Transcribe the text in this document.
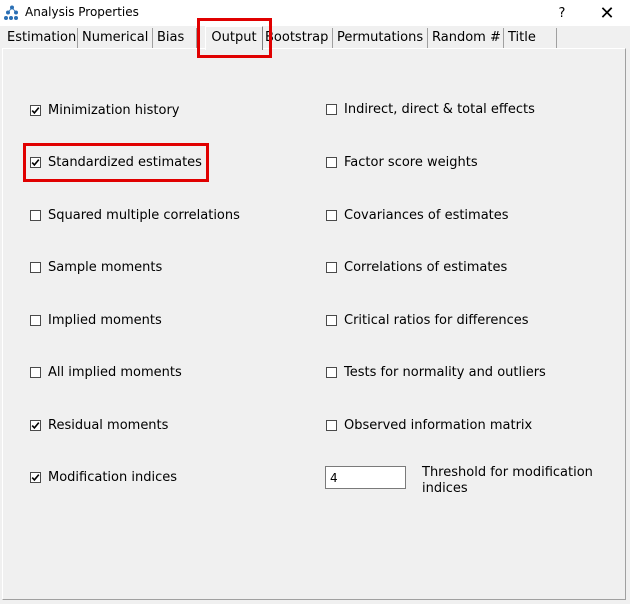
Analysis Properties	?	✕
Estimation Numerical Bias	Output Bootstrap Permutations Random # Title
Minimization history
Standardized estimates
Squared multiple correlations
Sample moments
Implied moments
All implied moments
Residual moments
Modification indices
Indirect, direct & total effects
Factor score weights
Covariances of estimates
Correlations of estimates
Critical ratios for differences
Tests for normality and outliers
Observed information matrix
4
Threshold for modification indices
